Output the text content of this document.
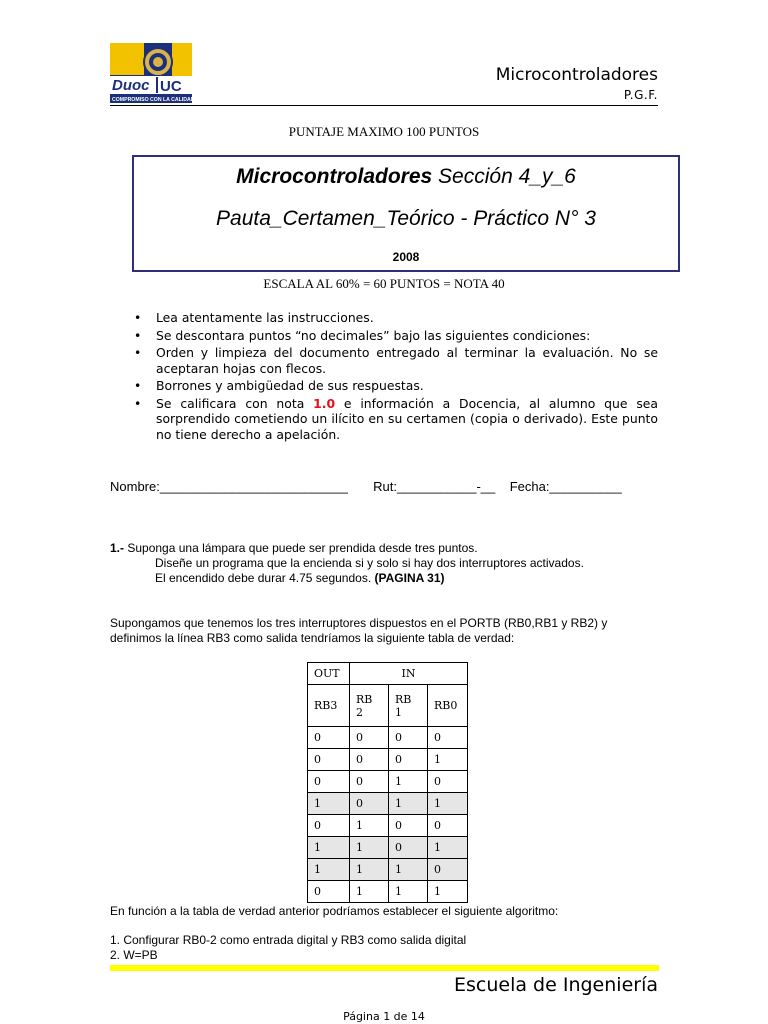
Duoc UC
COMPROMISO CON LA CALIDAD
Microcontroladores
P.G.F.
PUNTAJE MAXIMO 100 PUNTOS
Microcontroladores Sección 4_y_6
Pauta_Certamen_Teórico - Práctico N° 3
2008
ESCALA AL 60% = 60 PUNTOS = NOTA 40
• Lea atentamente las instrucciones.
• Se descontara puntos “no decimales” bajo las siguientes condiciones:
• Orden y limpieza del documento entregado al terminar la evaluación. No se aceptaran hojas con flecos.
• Borrones y ambigüedad de sus respuestas.
• Se calificara con nota 1.0 e información a Docencia, al alumno que sea sorprendido cometiendo un ilícito en su certamen (copia o derivado). Este punto no tiene derecho a apelación.
Nombre:__________________________       Rut:___________-__    Fecha:__________
1.- Suponga una lámpara que puede ser prendida desde tres puntos.
Diseñe un programa que la encienda si y solo si hay dos interruptores activados.
El encendido debe durar 4.75 segundos. (PAGINA 31)
Supongamos que tenemos los tres interruptores dispuestos en el PORTB (RB0,RB1 y RB2) y
definimos la línea RB3 como salida tendríamos la siguiente tabla de verdad:
OUT	IN		
RB3	RB 2	RB 1	RB0
0	0	0	0
0	0	0	1
0	0	1	0
1	0	1	1
0	1	0	0
1	1	0	1
1	1	1	0
0	1	1	1
En función a la tabla de verdad anterior podríamos establecer el siguiente algoritmo:
1. Configurar RB0-2 como entrada digital y RB3 como salida digital
2. W=PB
Escuela de Ingeniería
Página 1 de 14
